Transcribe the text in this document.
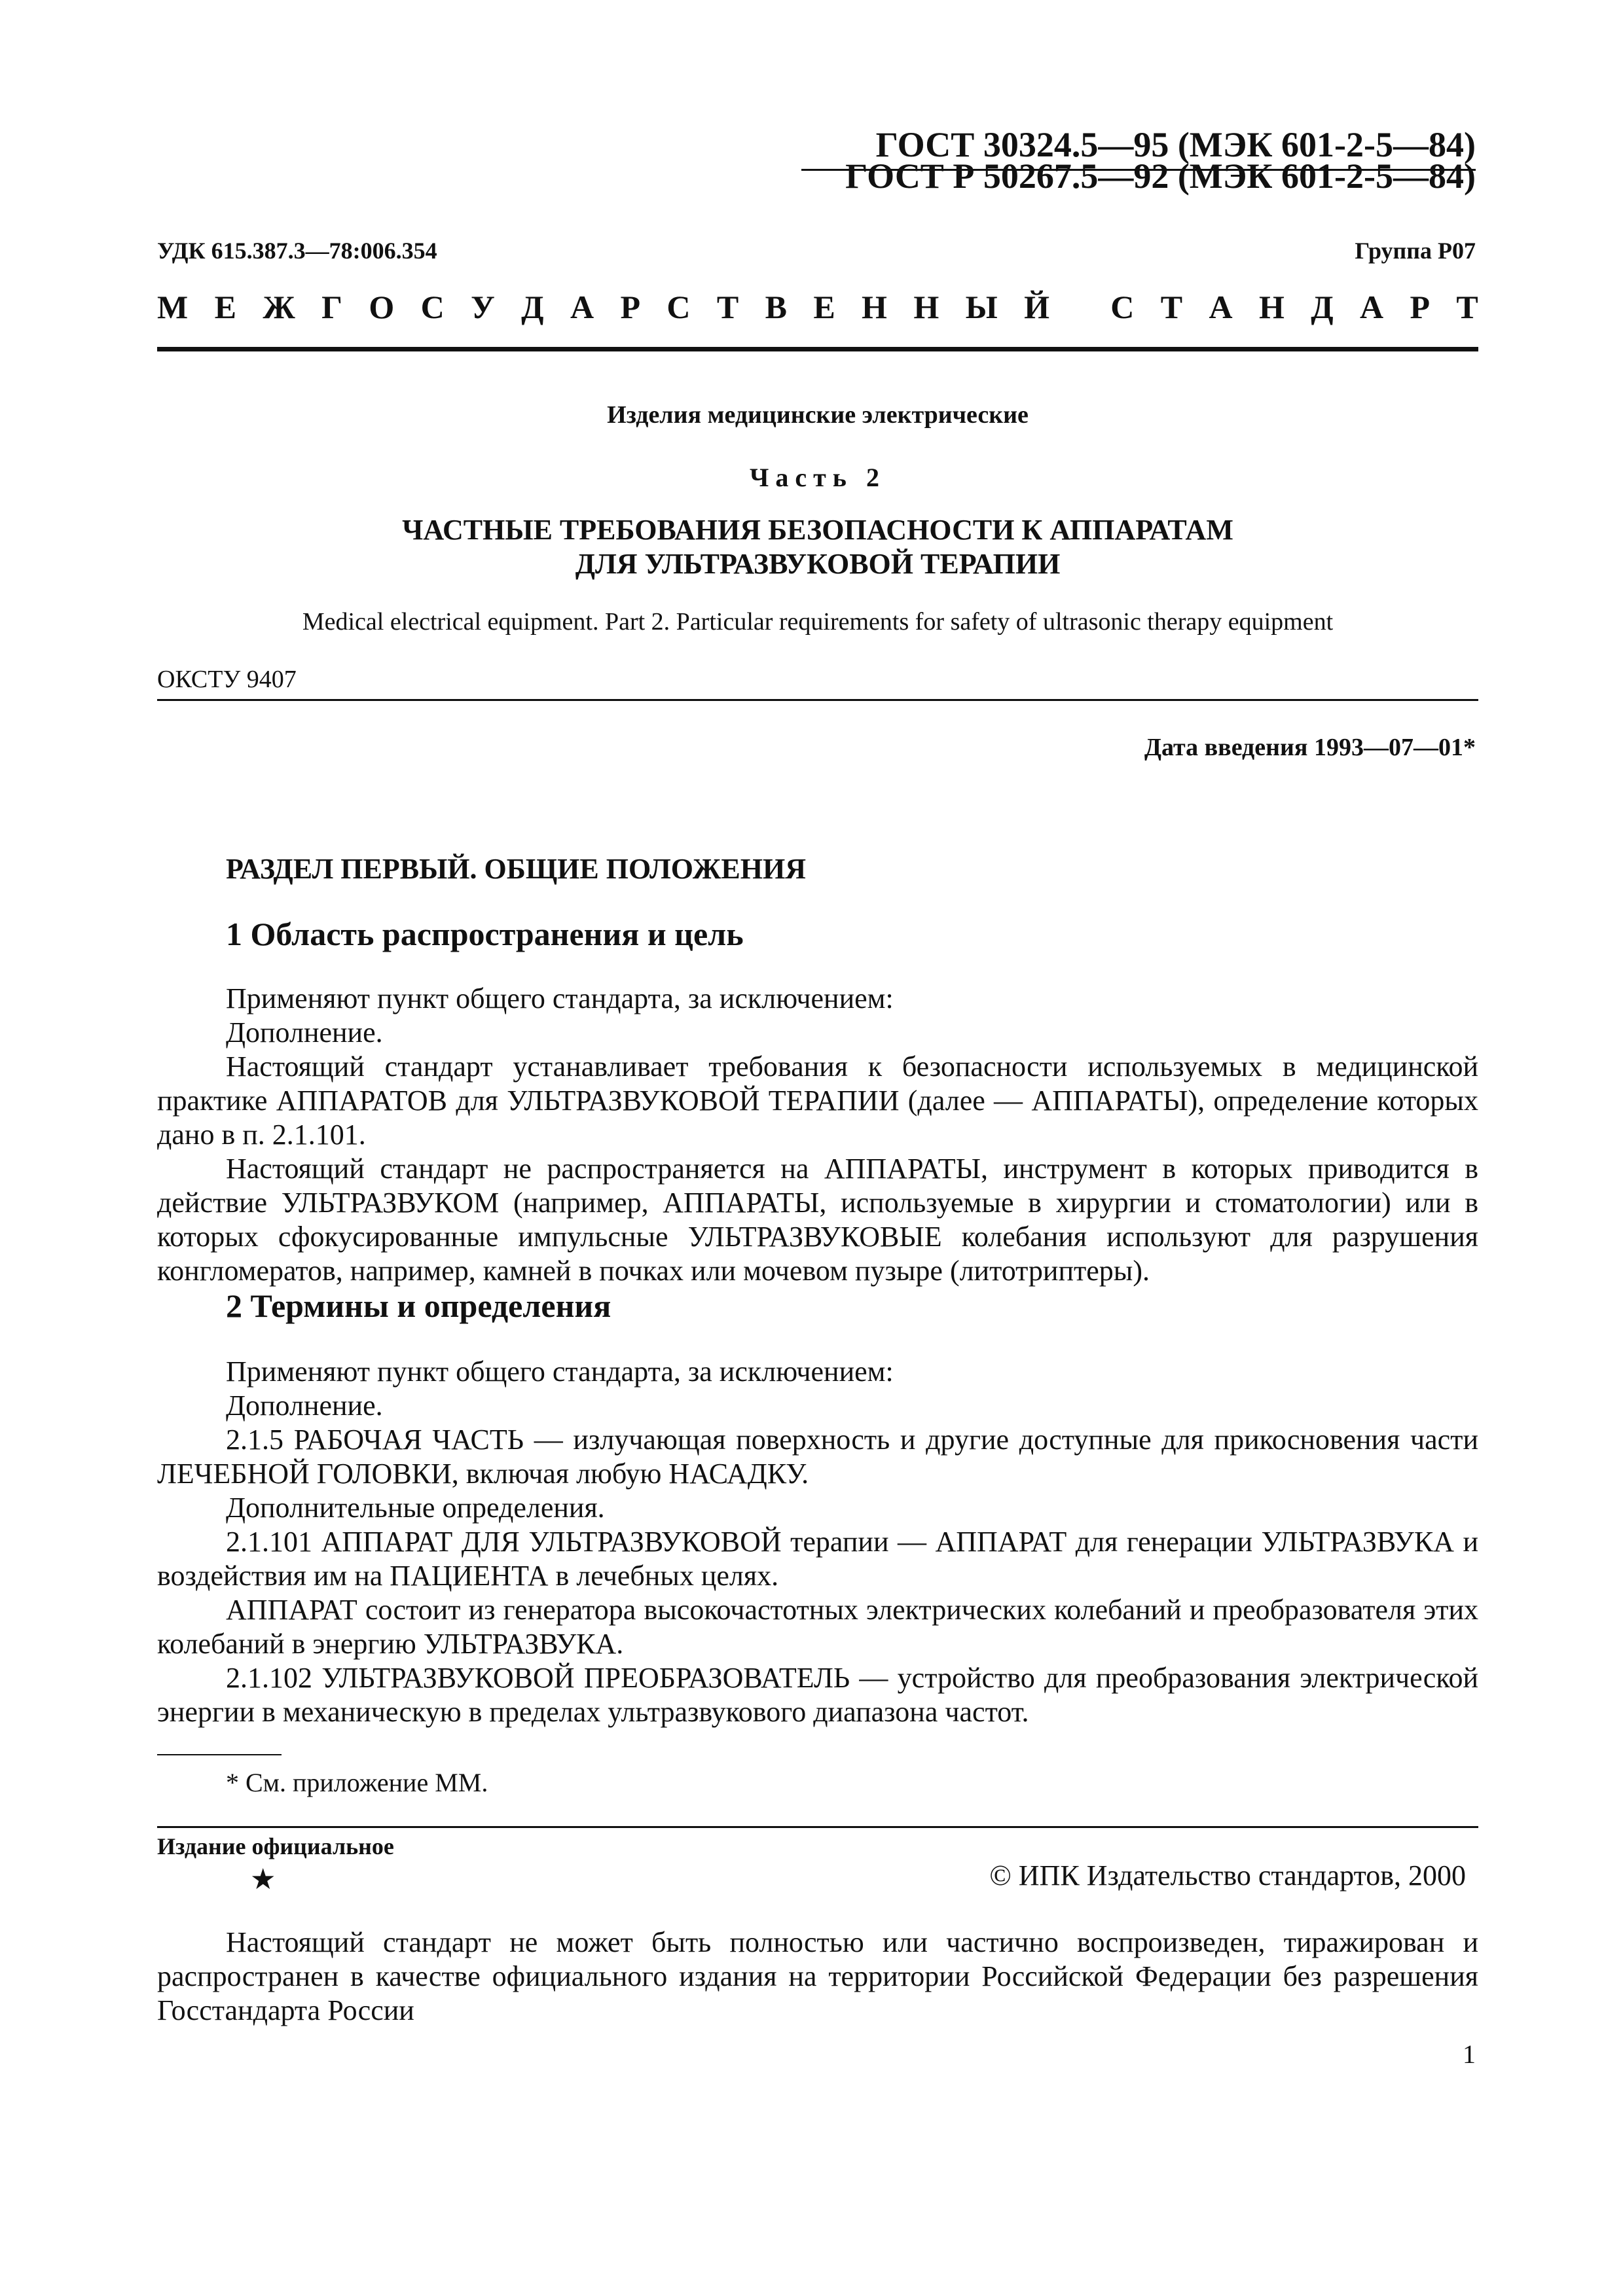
ГОСТ 30324.5—95 (МЭК 601-2-5—84)
ГОСТ Р 50267.5—92 (МЭК 601-2-5—84)
УДК 615.387.3—78:006.354	Группа Р07
М Е Ж Г О С У Д А Р С Т В Е Н Н Ы Й
С Т А Н Д А Р Т
Изделия медицинские электрические
Часть 2
ЧАСТНЫЕ ТРЕБОВАНИЯ БЕЗОПАСНОСТИ К АППАРАТАМ
ДЛЯ УЛЬТРАЗВУКОВОЙ ТЕРАПИИ
Medical electrical equipment. Part 2. Particular requirements for safety of ultrasonic therapy equipment
ОКСТУ 9407
Дата введения 1993—07—01*
РАЗДЕЛ ПЕРВЫЙ. ОБЩИЕ ПОЛОЖЕНИЯ
1 Область распространения и цель

Применяют пункт общего стандарта, за исключением:

Дополнение.

Настоящий стандарт устанавливает требования к безопасности используемых в медицинской практике АППАРАТОВ для УЛЬТРАЗВУКОВОЙ ТЕРАПИИ (далее — АППАРАТЫ), определение которых дано в п. 2.1.101.

Настоящий стандарт не распространяется на АППАРАТЫ, инструмент в которых приводится в действие УЛЬТРАЗВУКОМ (например, АППАРАТЫ, используемые в хирургии и стоматологии) или в которых сфокусированные импульсные УЛЬТРАЗВУКОВЫЕ колебания используют для разрушения конгломератов, например, камней в почках или мочевом пузыре (литотриптеры).

2 Термины и определения

Применяют пункт общего стандарта, за исключением:

Дополнение.

2.1.5 РАБОЧАЯ ЧАСТЬ — излучающая поверхность и другие доступные для прикосновения части ЛЕЧЕБНОЙ ГОЛОВКИ, включая любую НАСАДКУ.

Дополнительные определения.

2.1.101 АППАРАТ ДЛЯ УЛЬТРАЗВУКОВОЙ терапии — АППАРАТ для генерации УЛЬТРАЗВУКА и воздействия им на ПАЦИЕНТА в лечебных целях.

АППАРАТ состоит из генератора высокочастотных электрических колебаний и преобразователя этих колебаний в энергию УЛЬТРАЗВУКА.

2.1.102 УЛЬТРАЗВУКОВОЙ ПРЕОБРАЗОВАТЕЛЬ — устройство для преобразования электрической энергии в механическую в пределах ультразвукового диапазона частот.

* См. приложение ММ.
Издание официальное
★	© ИПК Издательство стандартов, 2000

Настоящий стандарт не может быть полностью или частично воспроизведен, тиражирован и распространен в качестве официального издания на территории Российской Федерации без разрешения Госстандарта России

1
